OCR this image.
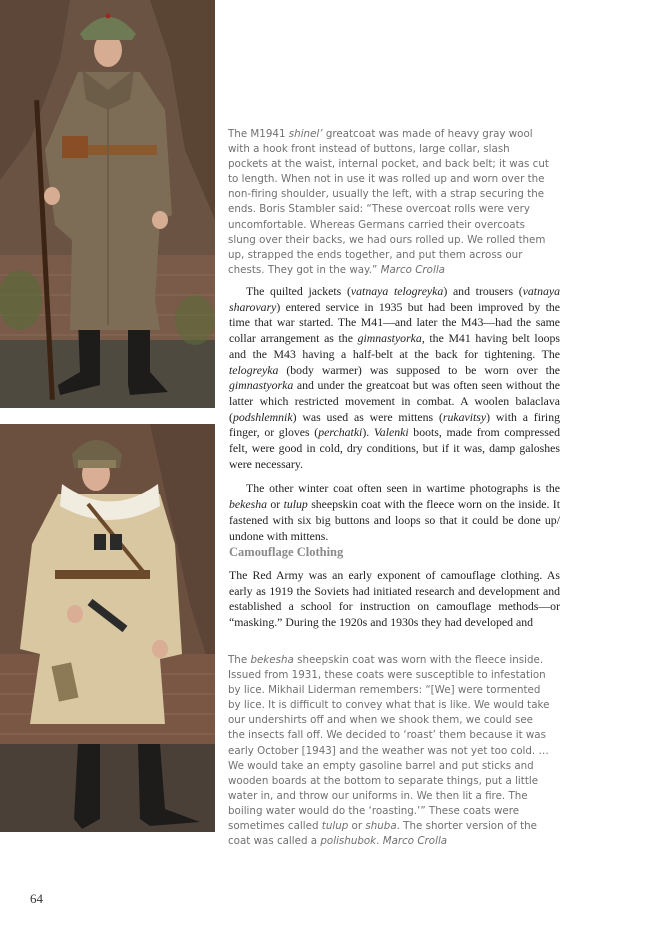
The M1941 shinel’ greatcoat was made of heavy gray wool with a hook front instead of buttons, large collar, slash pockets at the waist, internal pocket, and back belt; it was cut to length. When not in use it was rolled up and worn over the non-firing shoulder, usually the left, with a strap securing the ends. Boris Stambler said: “These overcoat rolls were very uncomfortable. Whereas Germans carried their overcoats slung over their backs, we had ours rolled up. We rolled them up, strapped the ends together, and put them across our chests. They got in the way.” Marco Crolla

The quilted jackets (vatnaya telogreyka) and trousers (vatnaya sharovary) entered service in 1935 but had been improved by the time that war started. The M41—and later the M43—had the same collar arrangement as the gimnastyorka, the M41 having belt loops and the M43 having a half-belt at the back for tightening. The telogreyka (body warmer) was supposed to be worn over the gimnastyorka and under the greatcoat but was often seen without the latter which restricted movement in combat. A woolen balaclava (podshlemnik) was used as were mittens (rukavitsy) with a firing finger, or gloves (perchatki). Valenki boots, made from compressed felt, were good in cold, dry conditions, but if it was, damp galoshes were necessary.

The other winter coat often seen in wartime photographs is the bekesha or tulup sheepskin coat with the fleece worn on the inside. It fastened with six big buttons and loops so that it could be done up/ undone with mittens.

Camouflage Clothing

The Red Army was an early exponent of camouflage clothing. As early as 1919 the Soviets had initiated research and development and established a school for instruction on camouflage methods—or “masking.” During the 1920s and 1930s they had developed and

The bekesha sheepskin coat was worn with the fleece inside. Issued from 1931, these coats were susceptible to infestation by lice. Mikhail Liderman remembers: “[We] were tormented by lice. It is difficult to convey what that is like. We would take our undershirts off and when we shook them, we could see the insects fall off. We decided to ‘roast’ them because it was early October [1943] and the weather was not yet too cold. … We would take an empty gasoline barrel and put sticks and wooden boards at the bottom to separate things, put a little water in, and throw our uniforms in. We then lit a fire. The boiling water would do the ‘roasting.’” These coats were sometimes called tulup or shuba. The shorter version of the coat was called a polishubok. Marco Crolla

64
